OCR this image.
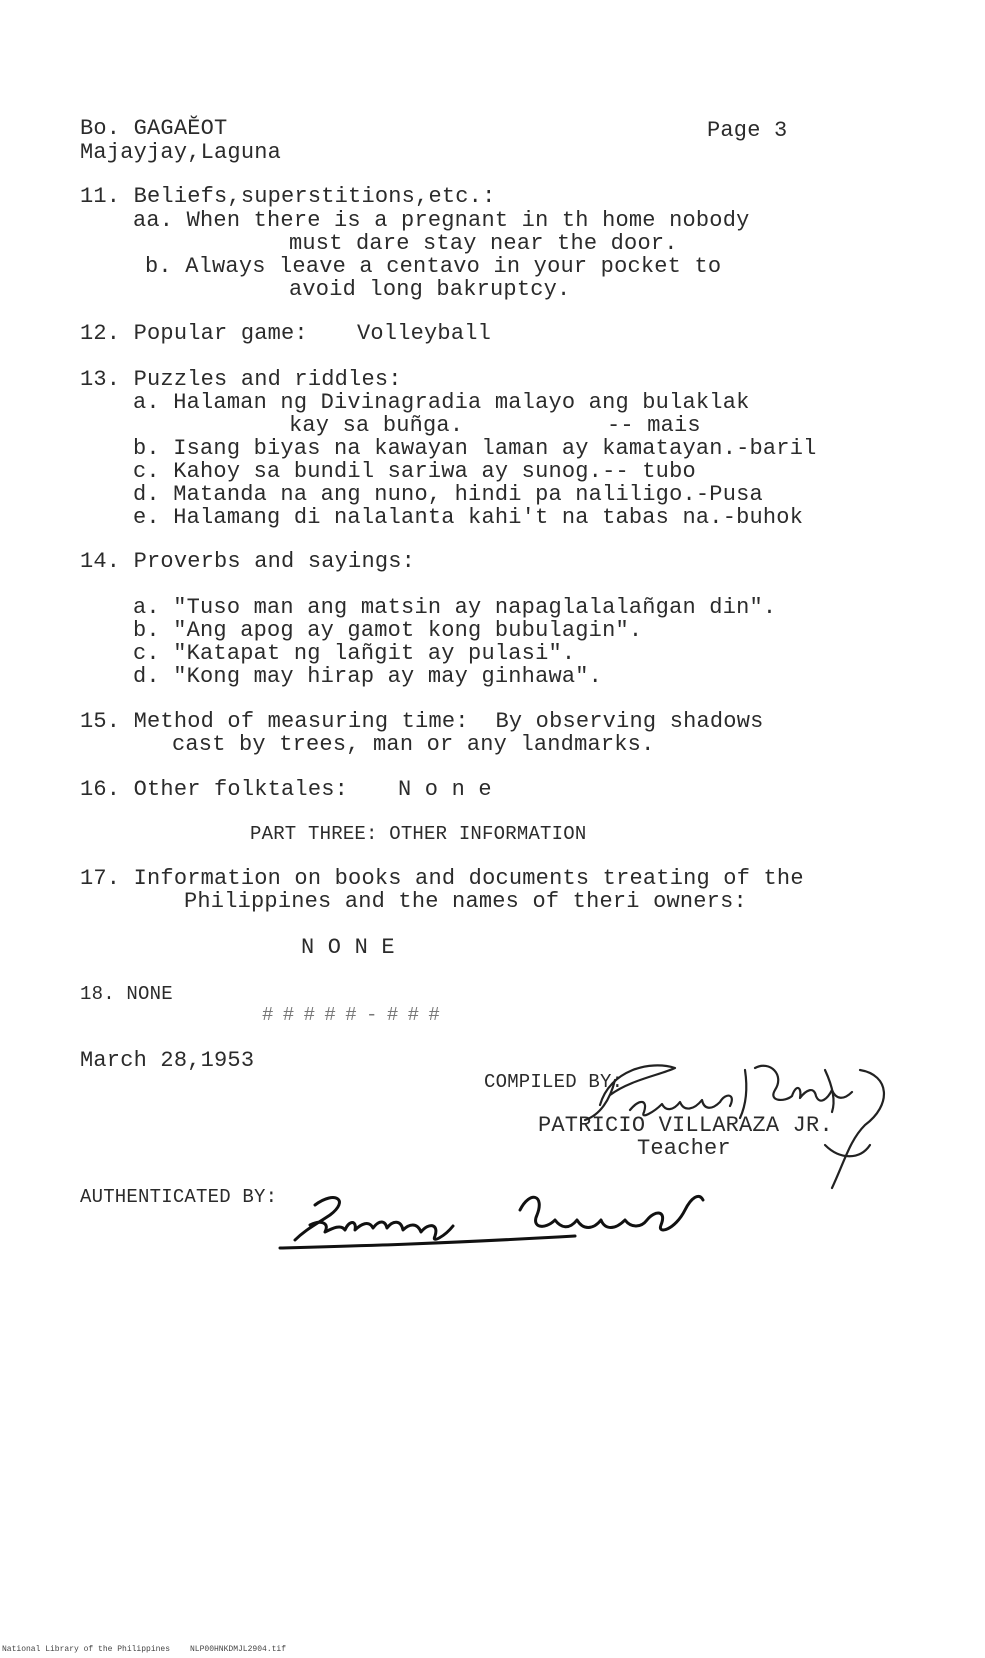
Bo. GAGAĔOT
Majayjay,Laguna
Page 3
11. Beliefs,superstitions,etc.:
aa. When there is a pregnant in th home nobody
must dare stay near the door.
b. Always leave a centavo in your pocket to
avoid long bakruptcy.
12. Popular game: Volleyball
13. Puzzles and riddles:
a. Halaman ng Divinagradia malayo ang bulaklak
kay sa buñga.	-- mais
b. Isang biyas na kawayan laman ay kamatayan.-baril
c. Kahoy sa bundil sariwa ay sunog.-- tubo
d. Matanda na ang nuno, hindi pa naliligo.-Pusa
e. Halamang di nalalanta kahi't na tabas na.-buhok
14. Proverbs and sayings:
a. "Tuso man ang matsin ay napaglalalañgan din".
b. "Ang apog ay gamot kong bubulagin".
c. "Katapat ng lañgit ay pulasi".
d. "Kong may hirap ay may ginhawa".
15. Method of measuring time:  By observing shadows
cast by trees, man or any landmarks.
16. Other folktales: N o n e
PART THREE: OTHER INFORMATION
17. Information on books and documents treating of the
Philippines and the names of theri owners:
N O N E
18. NONE
# # # # # - # # #
March 28,1953
COMPILED BY:
PATRICIO VILLARAZA JR.
Teacher
AUTHENTICATED BY:
National Library of the Philippines NLP00HNKDMJL2904.tif
